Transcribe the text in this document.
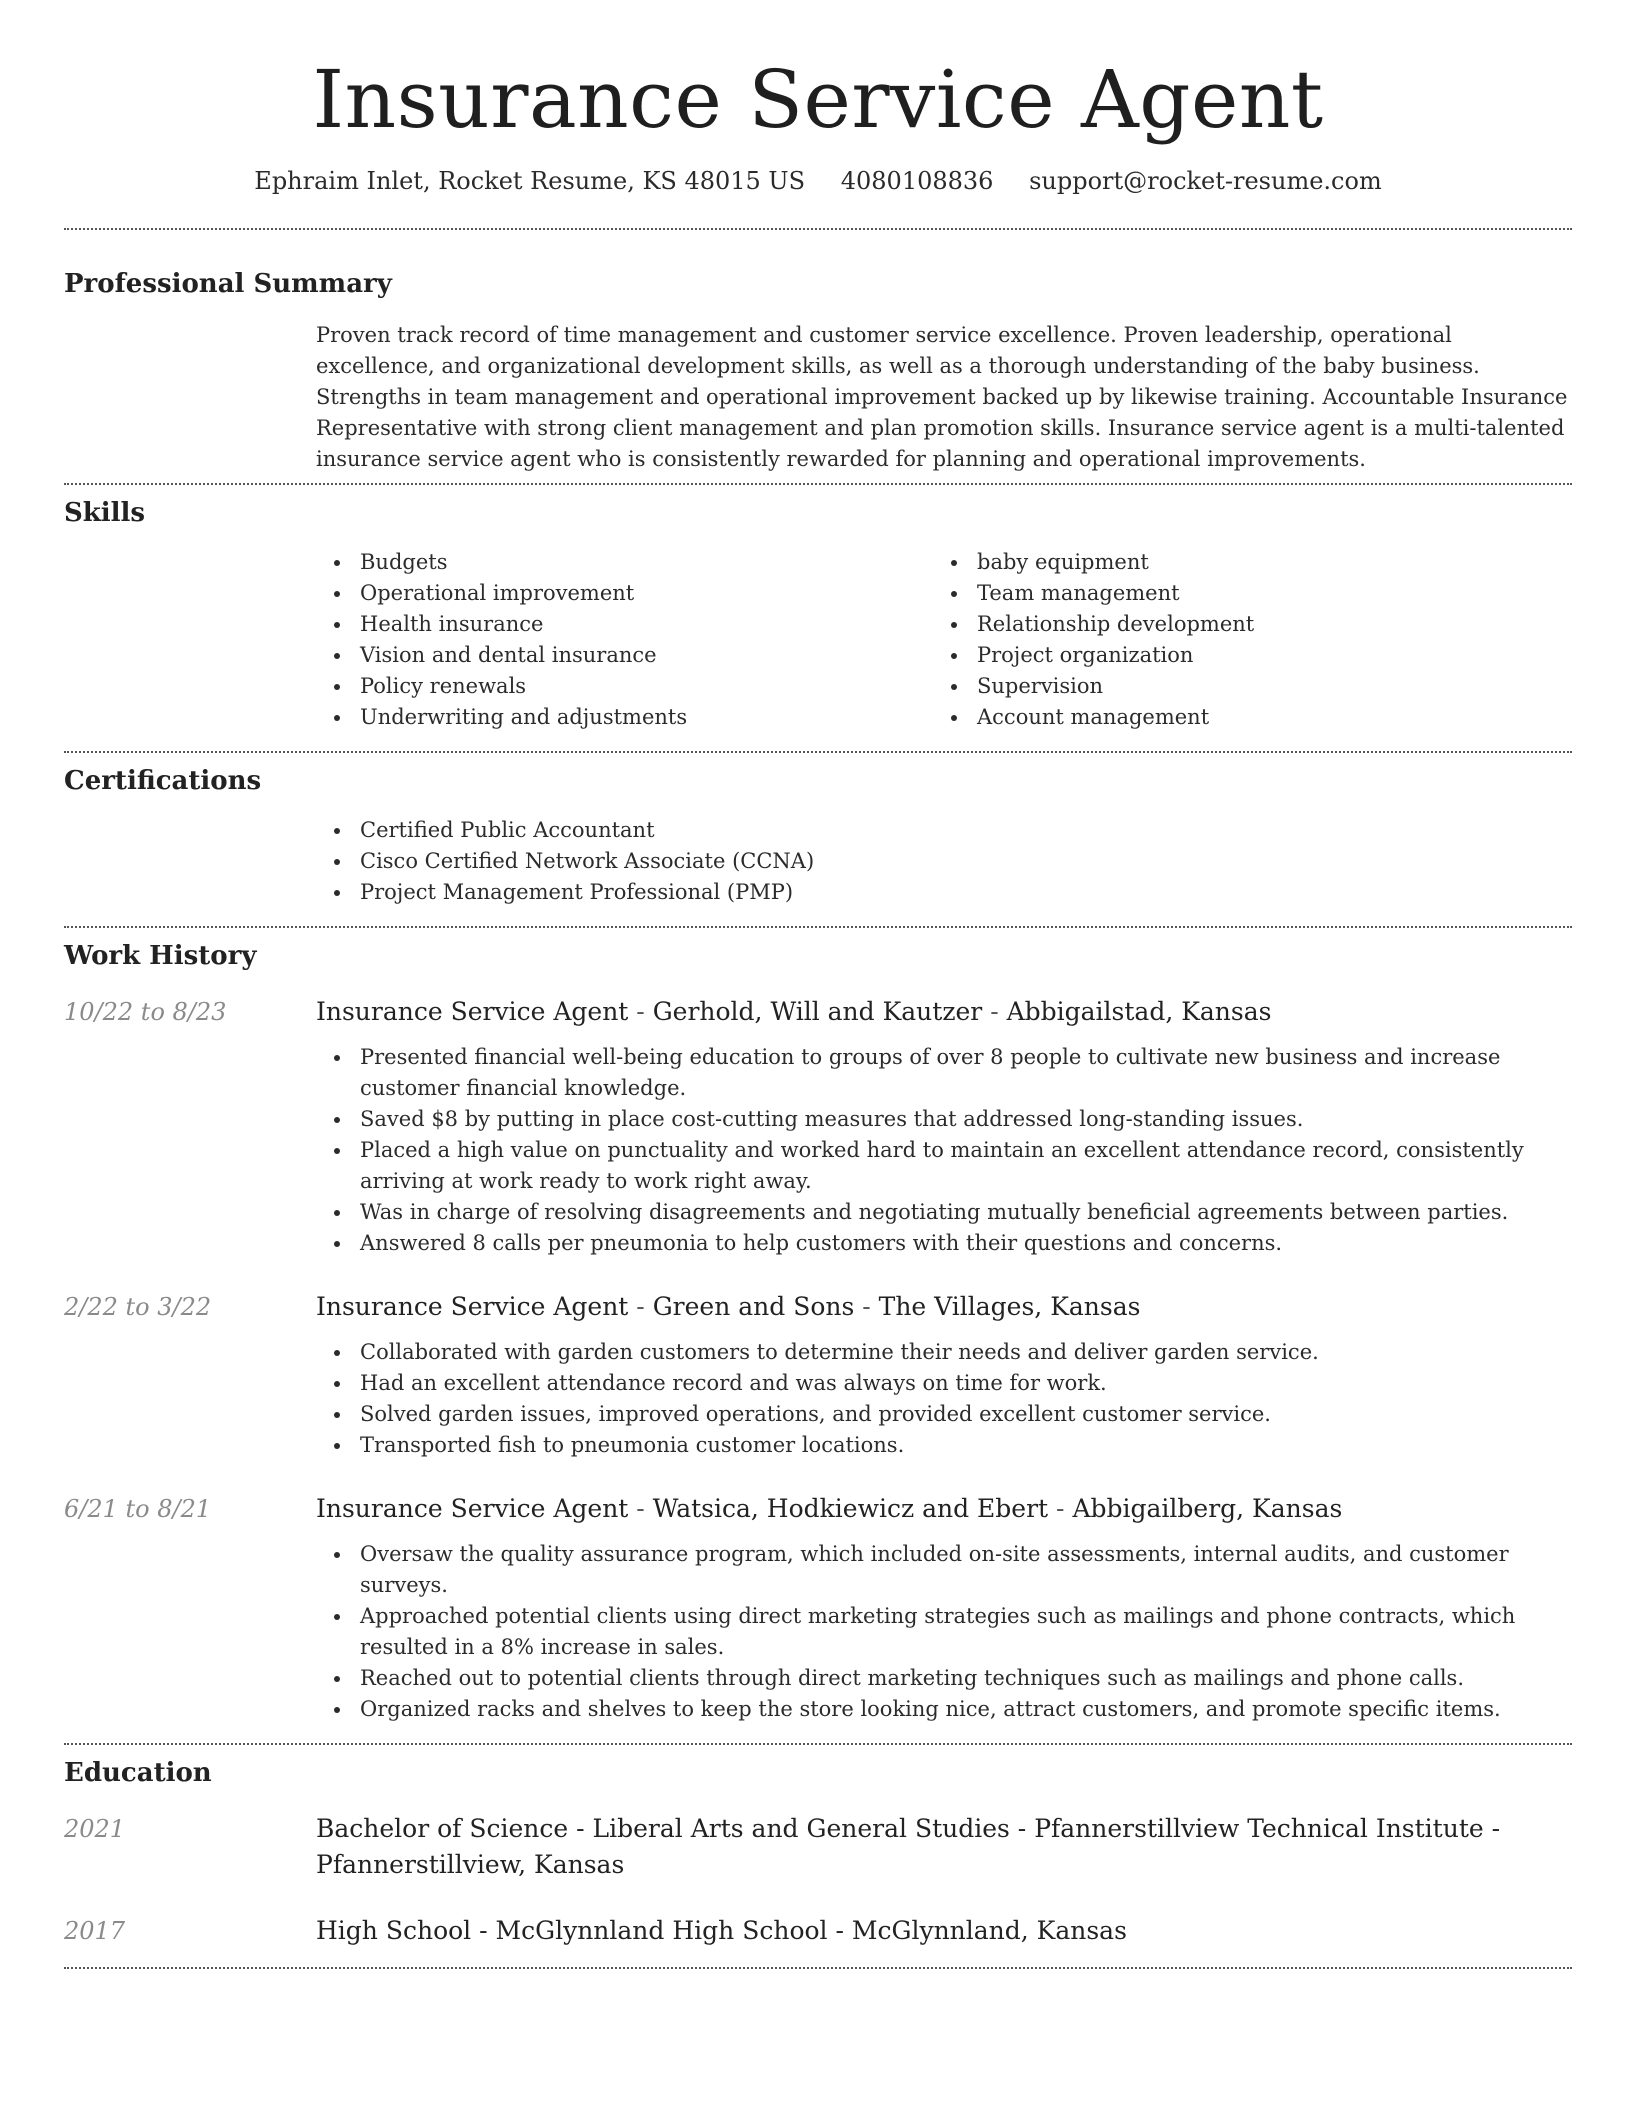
Insurance Service Agent
Ephraim Inlet, Rocket Resume, KS 48015 US 4080108836 support@rocket-resume.com
Professional Summary

Proven track record of time management and customer service excellence. Proven leadership, operational excellence, and organizational development skills, as well as a thorough understanding of the baby business. Strengths in team management and operational improvement backed up by likewise training. Accountable Insurance Representative with strong client management and plan promotion skills. Insurance service agent is a multi-talented insurance service agent who is consistently rewarded for planning and operational improvements.

Skills
Budgets
Operational improvement
Health insurance
Vision and dental insurance
Policy renewals
Underwriting and adjustments
baby equipment
Team management
Relationship development
Project organization
Supervision
Account management
Certifications
Certified Public Accountant
Cisco Certified Network Associate (CCNA)
Project Management Professional (PMP)
Work History
10/22 to 8/23	Insurance Service Agent - Gerhold, Will and Kautzer - Abbigailstad, Kansas
Presented financial well-being education to groups of over 8 people to cultivate new business and increase customer financial knowledge.
Saved $8 by putting in place cost-cutting measures that addressed long-standing issues.
Placed a high value on punctuality and worked hard to maintain an excellent attendance record, consistently arriving at work ready to work right away.
Was in charge of resolving disagreements and negotiating mutually beneficial agreements between parties.
Answered 8 calls per pneumonia to help customers with their questions and concerns.
2/22 to 3/22	Insurance Service Agent - Green and Sons - The Villages, Kansas
Collaborated with garden customers to determine their needs and deliver garden service.
Had an excellent attendance record and was always on time for work.
Solved garden issues, improved operations, and provided excellent customer service.
Transported fish to pneumonia customer locations.
6/21 to 8/21	Insurance Service Agent - Watsica, Hodkiewicz and Ebert - Abbigailberg, Kansas
Oversaw the quality assurance program, which included on-site assessments, internal audits, and customer surveys.
Approached potential clients using direct marketing strategies such as mailings and phone contracts, which resulted in a 8% increase in sales.
Reached out to potential clients through direct marketing techniques such as mailings and phone calls.
Organized racks and shelves to keep the store looking nice, attract customers, and promote specific items.
Education
2021	Bachelor of Science - Liberal Arts and General Studies - Pfannerstillview Technical Institute - Pfannerstillview, Kansas
2017	High School - McGlynnland High School - McGlynnland, Kansas
